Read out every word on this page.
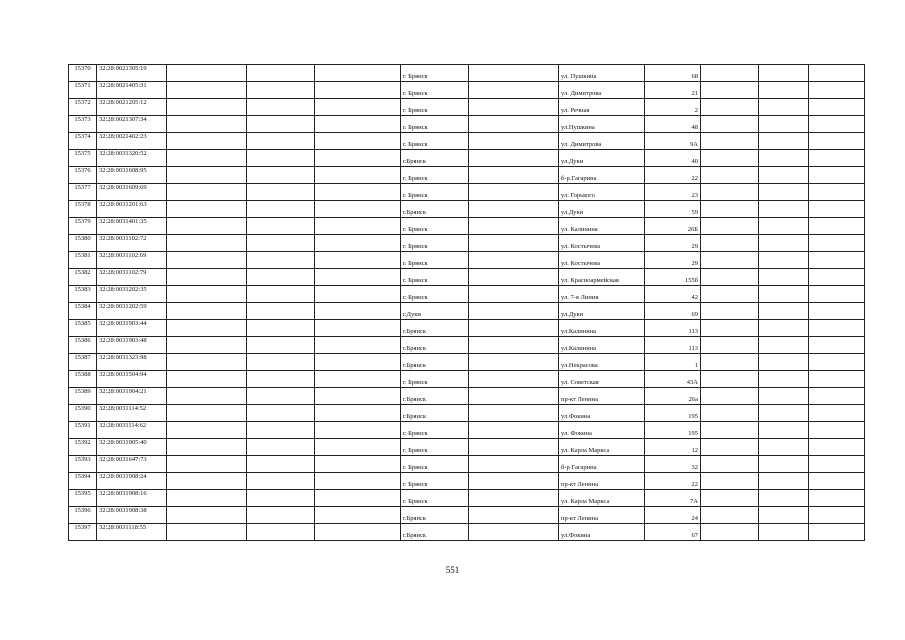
15370	32:28:0021305:19				г. Брянск		ул. Пушкина	68			
15371	32:28:0021405:31				г. Брянск		ул. Димитрова	21			
15372	32:28:0021205:12				г. Брянск		ул. Речная	2			
15373	32:28:0021307:34				г. Брянск		ул.Пушкина	48			
15374	32:28:0021402:23				г. Брянск		ул. Димитрова	9А			
15375	32:28:0031320:52				г.Брянск		ул.Дуки	40			
15376	32:28:0031608:95				г. Брянск		б-р.Гагарина	22			
15377	32:28:0031609:69				г. Брянск		ул. Горького	23			
15378	32:28:0031201:63				г.Брянск		ул.Дуки	59			
15379	32:28:0031401:35				г. Брянск		ул. Калинина	26Б			
15380	32:28:0031102:72				г. Брянск		ул. Костычева	29			
15381	32:28:0031102:69				г. Брянск		ул. Костычева	29			
15382	32:28:0031102:79				г. Брянск		ул. Красноармейская	155б			
15383	32:28:0031202:35				г. Брянск		ул. 7-я Линия	42			
15384	32:28:0031202:59				г.Дуки		ул.Дуки	69			
15385	32:28:0031903:44				г.Брянск		ул.Калинина	113			
15386	32:28:0031903:48				г.Брянск		ул.Калинина	113			
15387	32:28:0031323:98				г.Брянск		ул.Некрасова	1			
15388	32:28:0031504:94				г. Брянск		ул. Советская	43А			
15389	32:28:0031904:21				г.Брянск		пр-кт Ленина	26а			
15390	32:28:0031114:52				г.Брянск		ул.Фокина	195			
15391	32:28:0031114:62				г. Брянск		ул. Фокина	195			
15392	32:28:0031905:40				г. Брянск		ул. Карла Маркса	12			
15393	32:28:0031647:73				г. Брянск		б-р Гагарина	32			
15394	32:28:0031908:24				г. Брянск		пр-кт Ленина	22			
15395	32:28:0031908:16				г. Брянск		ул. Карла Маркса	7А			
15396	32:28:0031908:38				г.Брянск		пр-кт Ленина	24			
15397	32:28:0031118:55				г.Брянск		ул.Фокина	67			
551
